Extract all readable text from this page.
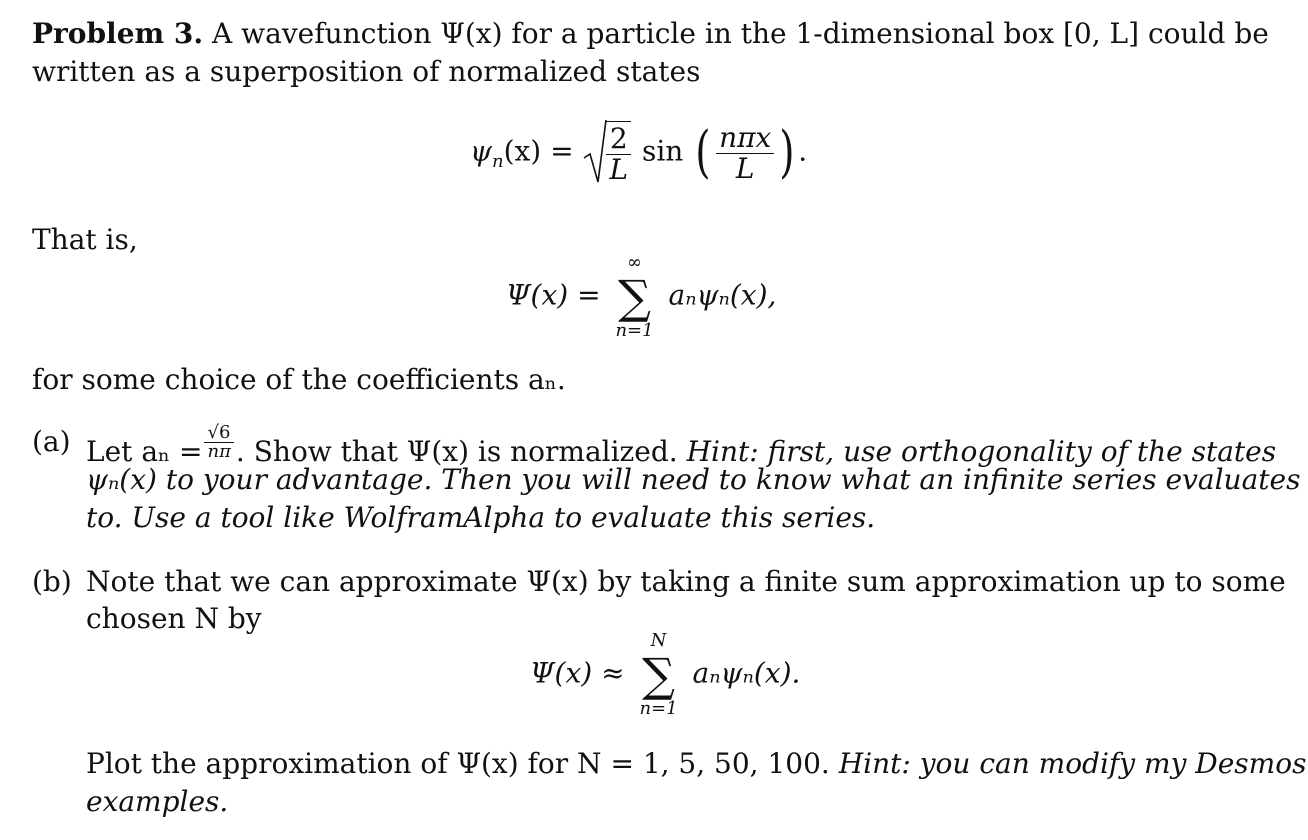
Problem 3. A wavefunction Ψ(x) for a particle in the 1-dimensional box [0, L] could be
written as a superposition of normalized states
$\psi_n(x) = \frac{2}{L}$ sin ( $\frac{\text{nπx}}{L}$ ) .
That is,
Ψ(x) =
∞
∑
n=1
aₙψₙ(x),
for some choice of the coefficients aₙ.
(a) Let $a_n = \frac{√6}{n\pi}$ . Show that Ψ(x) is normalized. Hint: first, use orthogonality of the states
ψₙ(x) to your advantage. Then you will need to know what an infinite series evaluates
to. Use a tool like WolframAlpha to evaluate this series.
(b) Note that we can approximate Ψ(x) by taking a finite sum approximation up to some
chosen N by
Ψ(x) ≈
N
∑
n=1
aₙψₙ(x).
Plot the approximation of Ψ(x) for N = 1, 5, 50, 100. Hint: you can modify my Desmos
examples.
